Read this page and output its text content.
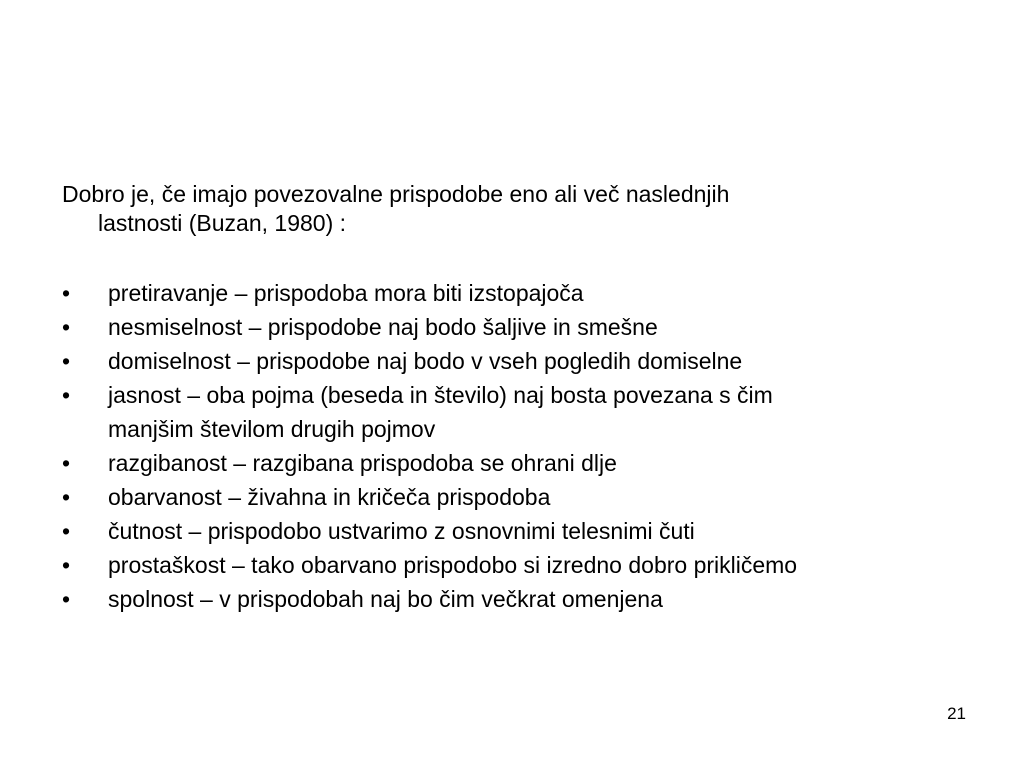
Dobro je, če imajo povezovalne prispodobe eno ali več naslednjih
lastnosti (Buzan, 1980) :

• pretiravanje – prispodoba mora biti izstopajoča
• nesmiselnost – prispodobe naj bodo šaljive in smešne
• domiselnost – prispodobe naj bodo v vseh pogledih domiselne
• jasnost – oba pojma (beseda in število) naj bosta povezana s čim
manjšim številom drugih pojmov
• razgibanost – razgibana prispodoba se ohrani dlje
• obarvanost – živahna in kričeča prispodoba
• čutnost – prispodobo ustvarimo z osnovnimi telesnimi čuti
• prostaškost – tako obarvano prispodobo si izredno dobro prikličemo
• spolnost – v prispodobah naj bo čim večkrat omenjena
21
